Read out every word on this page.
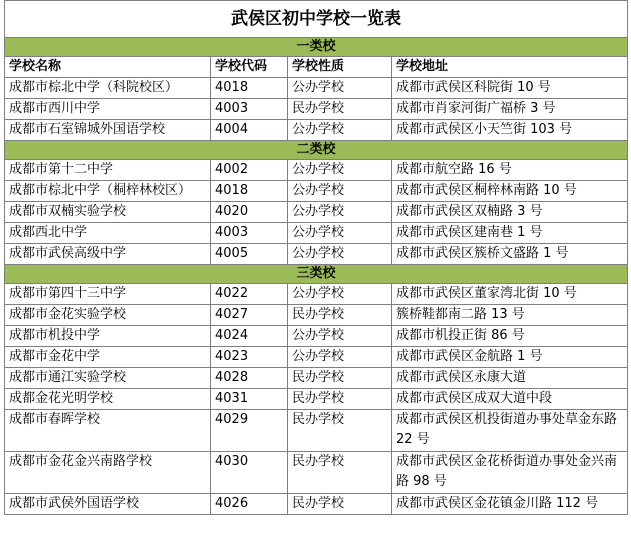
武侯区初中学校一览表			
一类校			
学校名称	学校代码	学校性质	学校地址
成都市棕北中学（科院校区）	4018	公办学校	成都市武侯区科院街 10 号
成都市西川中学	4003	民办学校	成都市肖家河街广福桥 3 号
成都市石室锦城外国语学校	4004	公办学校	成都市武侯区小天竺街 103 号
二类校			
成都市第十二中学	4002	公办学校	成都市航空路 16 号
成都市棕北中学（桐梓林校区）	4018	公办学校	成都市武侯区桐梓林南路 10 号
成都市双楠实验学校	4020	公办学校	成都市武侯区双楠路 3 号
成都西北中学	4003	公办学校	成都市武侯区建南巷 1 号
成都市武侯高级中学	4005	公办学校	成都市武侯区簇桥文盛路 1 号
三类校			
成都市第四十三中学	4022	公办学校	成都市武侯区董家湾北街 10 号
成都市金花实验学校	4027	民办学校	簇桥鞋都南二路 13 号
成都市机投中学	4024	公办学校	成都市机投正街 86 号
成都市金花中学	4023	公办学校	成都市武侯区金航路 1 号
成都市通江实验学校	4028	民办学校	成都市武侯区永康大道
成都金花光明学校	4031	民办学校	成都市武侯区成双大道中段
成都市春晖学校	4029	民办学校	成都市武侯区机投街道办事处草金东路 22 号
成都市金花金兴南路学校	4030	民办学校	成都市武侯区金花桥街道办事处金兴南路 98 号
成都市武侯外国语学校	4026	民办学校	成都市武侯区金花镇金川路 112 号
